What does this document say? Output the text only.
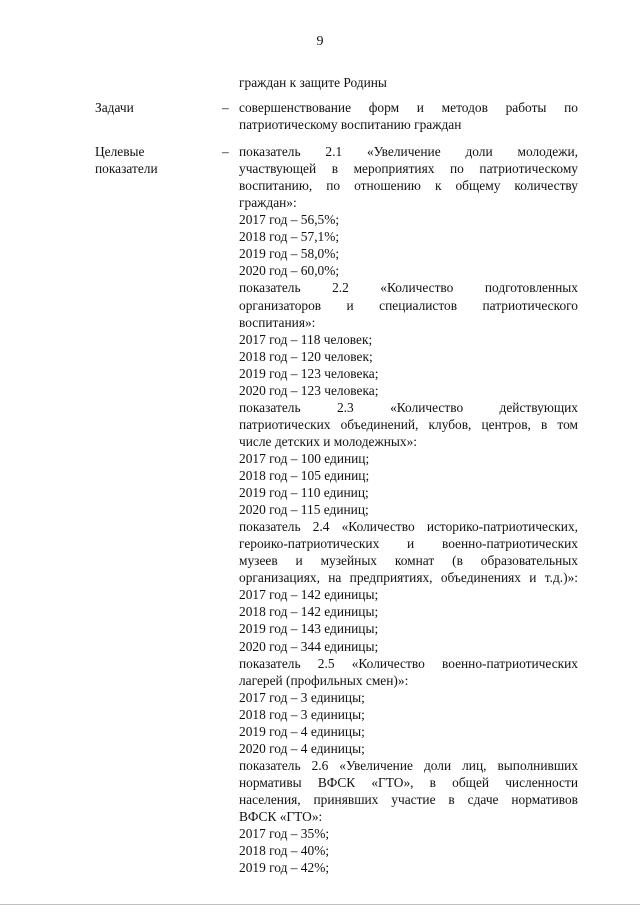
9
граждан к защите Родины
Задачи	– совершенствование форм и методов работы по
патриотическому воспитанию граждан
Целевые
показатели
– показатель 2.1 «Увеличение доли молодежи,
участвующей в мероприятиях по патриотическому
воспитанию, по отношению к общему количеству
граждан»:
2017 год – 56,5%;
2018 год – 57,1%;
2019 год – 58,0%;
2020 год – 60,0%;
показатель 2.2 «Количество подготовленных
организаторов и специалистов патриотического
воспитания»:
2017 год – 118 человек;
2018 год – 120 человек;
2019 год – 123 человека;
2020 год – 123 человека;
показатель 2.3 «Количество действующих
патриотических объединений, клубов, центров, в том
числе детских и молодежных»:
2017 год – 100 единиц;
2018 год – 105 единиц;
2019 год – 110 единиц;
2020 год – 115 единиц;
показатель 2.4 «Количество историко-патриотических,
героико-патриотических и военно-патриотических
музеев и музейных комнат (в образовательных
организациях, на предприятиях, объединениях и т.д.)»:
2017 год – 142 единицы;
2018 год – 142 единицы;
2019 год – 143 единицы;
2020 год – 344 единицы;
показатель 2.5 «Количество военно-патриотических
лагерей (профильных смен)»:
2017 год – 3 единицы;
2018 год – 3 единицы;
2019 год – 4 единицы;
2020 год – 4 единицы;
показатель 2.6 «Увеличение доли лиц, выполнивших
нормативы ВФСК «ГТО», в общей численности
населения, принявших участие в сдаче нормативов
ВФСК «ГТО»:
2017 год – 35%;
2018 год – 40%;
2019 год – 42%;
